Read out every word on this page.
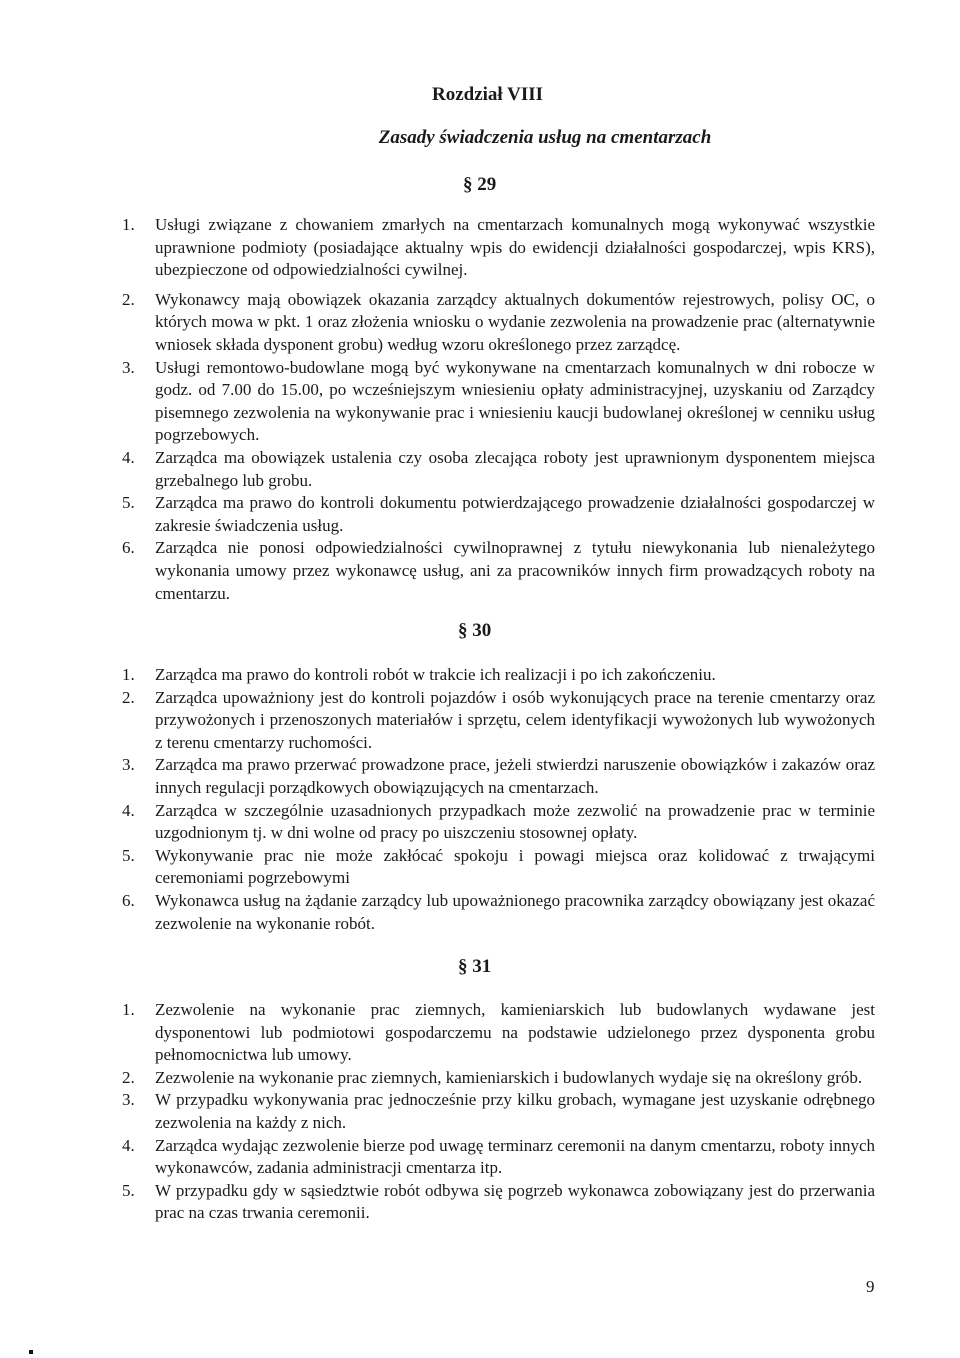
Rozdział VIII
Zasady świadczenia usług na cmentarzach
§ 29
1. Usługi związane z chowaniem zmarłych na cmentarzach komunalnych mogą wykonywać wszystkie uprawnione podmioty (posiadające aktualny wpis do ewidencji działalności gospodarczej, wpis KRS), ubezpieczone od odpowiedzialności cywilnej.
2. Wykonawcy mają obowiązek okazania zarządcy aktualnych dokumentów rejestrowych, polisy OC, o których mowa w pkt. 1 oraz złożenia wniosku o wydanie zezwolenia na prowadzenie prac (alternatywnie wniosek składa dysponent grobu) według wzoru określonego przez zarządcę.
3. Usługi remontowo-budowlane mogą być wykonywane na cmentarzach komunalnych w dni robocze w godz. od 7.00 do 15.00, po wcześniejszym wniesieniu opłaty administracyjnej, uzyskaniu od Zarządcy pisemnego zezwolenia na wykonywanie prac i wniesieniu kaucji budowlanej określonej w cenniku usług pogrzebowych.
4. Zarządca ma obowiązek ustalenia czy osoba zlecająca roboty jest uprawnionym dysponentem miejsca grzebalnego lub grobu.
5. Zarządca ma prawo do kontroli dokumentu potwierdzającego prowadzenie działalności gospodarczej w zakresie świadczenia usług.
6. Zarządca nie ponosi odpowiedzialności cywilnoprawnej z tytułu niewykonania lub nienależytego wykonania umowy przez wykonawcę usług, ani za pracowników innych firm prowadzących roboty na cmentarzu.
§ 30
1. Zarządca ma prawo do kontroli robót w trakcie ich realizacji i po ich zakończeniu.
2. Zarządca upoważniony jest do kontroli pojazdów i osób wykonujących prace na terenie cmentarzy oraz przywożonych i przenoszonych materiałów i sprzętu, celem identyfikacji wywożonych lub wywożonych z terenu cmentarzy ruchomości.
3. Zarządca ma prawo przerwać prowadzone prace, jeżeli stwierdzi naruszenie obowiązków i zakazów oraz innych regulacji porządkowych obowiązujących na cmentarzach.
4. Zarządca w szczególnie uzasadnionych przypadkach może zezwolić na prowadzenie prac w terminie uzgodnionym tj. w dni wolne od pracy po uiszczeniu stosownej opłaty.
5. Wykonywanie prac nie może zakłócać spokoju i powagi miejsca oraz kolidować z trwającymi ceremoniami pogrzebowymi
6. Wykonawca usług na żądanie zarządcy lub upoważnionego pracownika zarządcy obowiązany jest okazać zezwolenie na wykonanie robót.
§ 31
1. Zezwolenie na wykonanie prac ziemnych, kamieniarskich lub budowlanych wydawane jest dysponentowi lub podmiotowi gospodarczemu na podstawie udzielonego przez dysponenta grobu pełnomocnictwa lub umowy.
2. Zezwolenie na wykonanie prac ziemnych, kamieniarskich i budowlanych wydaje się na określony grób.
3. W przypadku wykonywania prac jednocześnie przy kilku grobach, wymagane jest uzyskanie odrębnego zezwolenia na każdy z nich.
4. Zarządca wydając zezwolenie bierze pod uwagę terminarz ceremonii na danym cmentarzu, roboty innych wykonawców, zadania administracji cmentarza itp.
5. W przypadku gdy w sąsiedztwie robót odbywa się pogrzeb wykonawca zobowiązany jest do przerwania prac na czas trwania ceremonii.
9
